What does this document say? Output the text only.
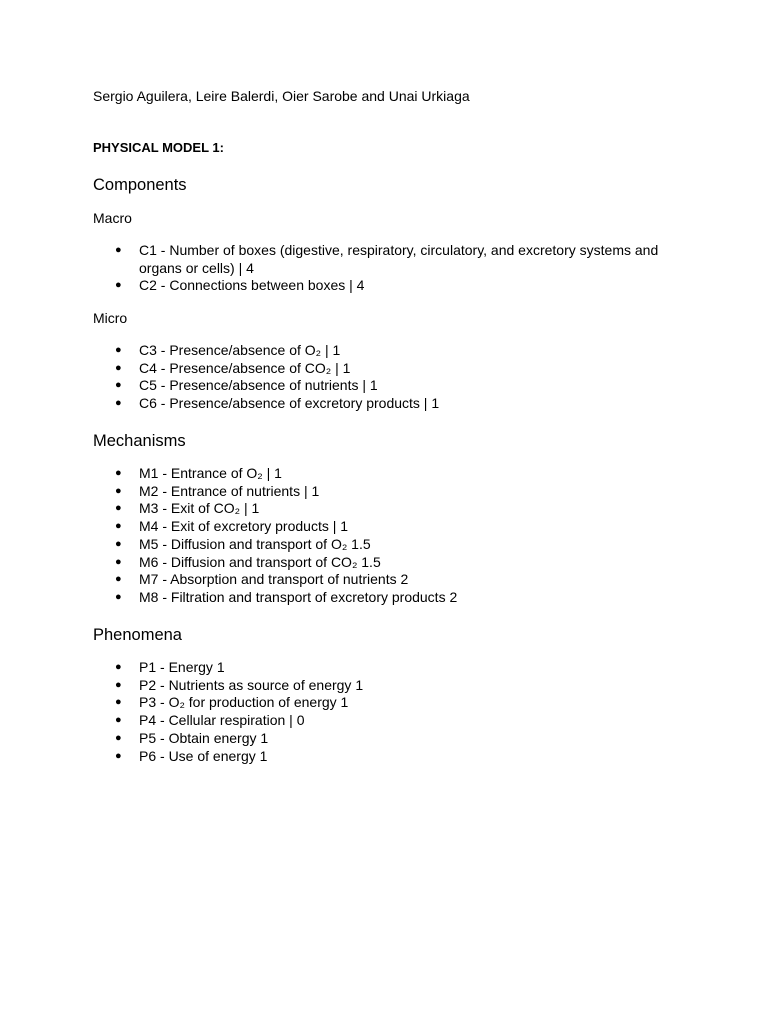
Sergio Aguilera, Leire Balerdi, Oier Sarobe and Unai Urkiaga

PHYSICAL MODEL 1:

Components

Macro

● C1 - Number of boxes (digestive, respiratory, circulatory, and excretory systems and organs or cells) | 4
● C2 - Connections between boxes | 4

Micro

● C3 - Presence/absence of O₂ | 1
● C4 - Presence/absence of CO₂ | 1
● C5 - Presence/absence of nutrients | 1
● C6 - Presence/absence of excretory products | 1
Mechanisms
● M1 - Entrance of O₂ | 1
● M2 - Entrance of nutrients | 1
● M3 - Exit of CO₂ | 1
● M4 - Exit of excretory products | 1
● M5 - Diffusion and transport of O₂ 1.5
● M6 - Diffusion and transport of CO₂ 1.5
● M7 - Absorption and transport of nutrients 2
● M8 - Filtration and transport of excretory products 2
Phenomena
● P1 - Energy 1
● P2 - Nutrients as source of energy 1
● P3 - O₂ for production of energy 1
● P4 - Cellular respiration | 0
● P5 - Obtain energy 1
● P6 - Use of energy 1
